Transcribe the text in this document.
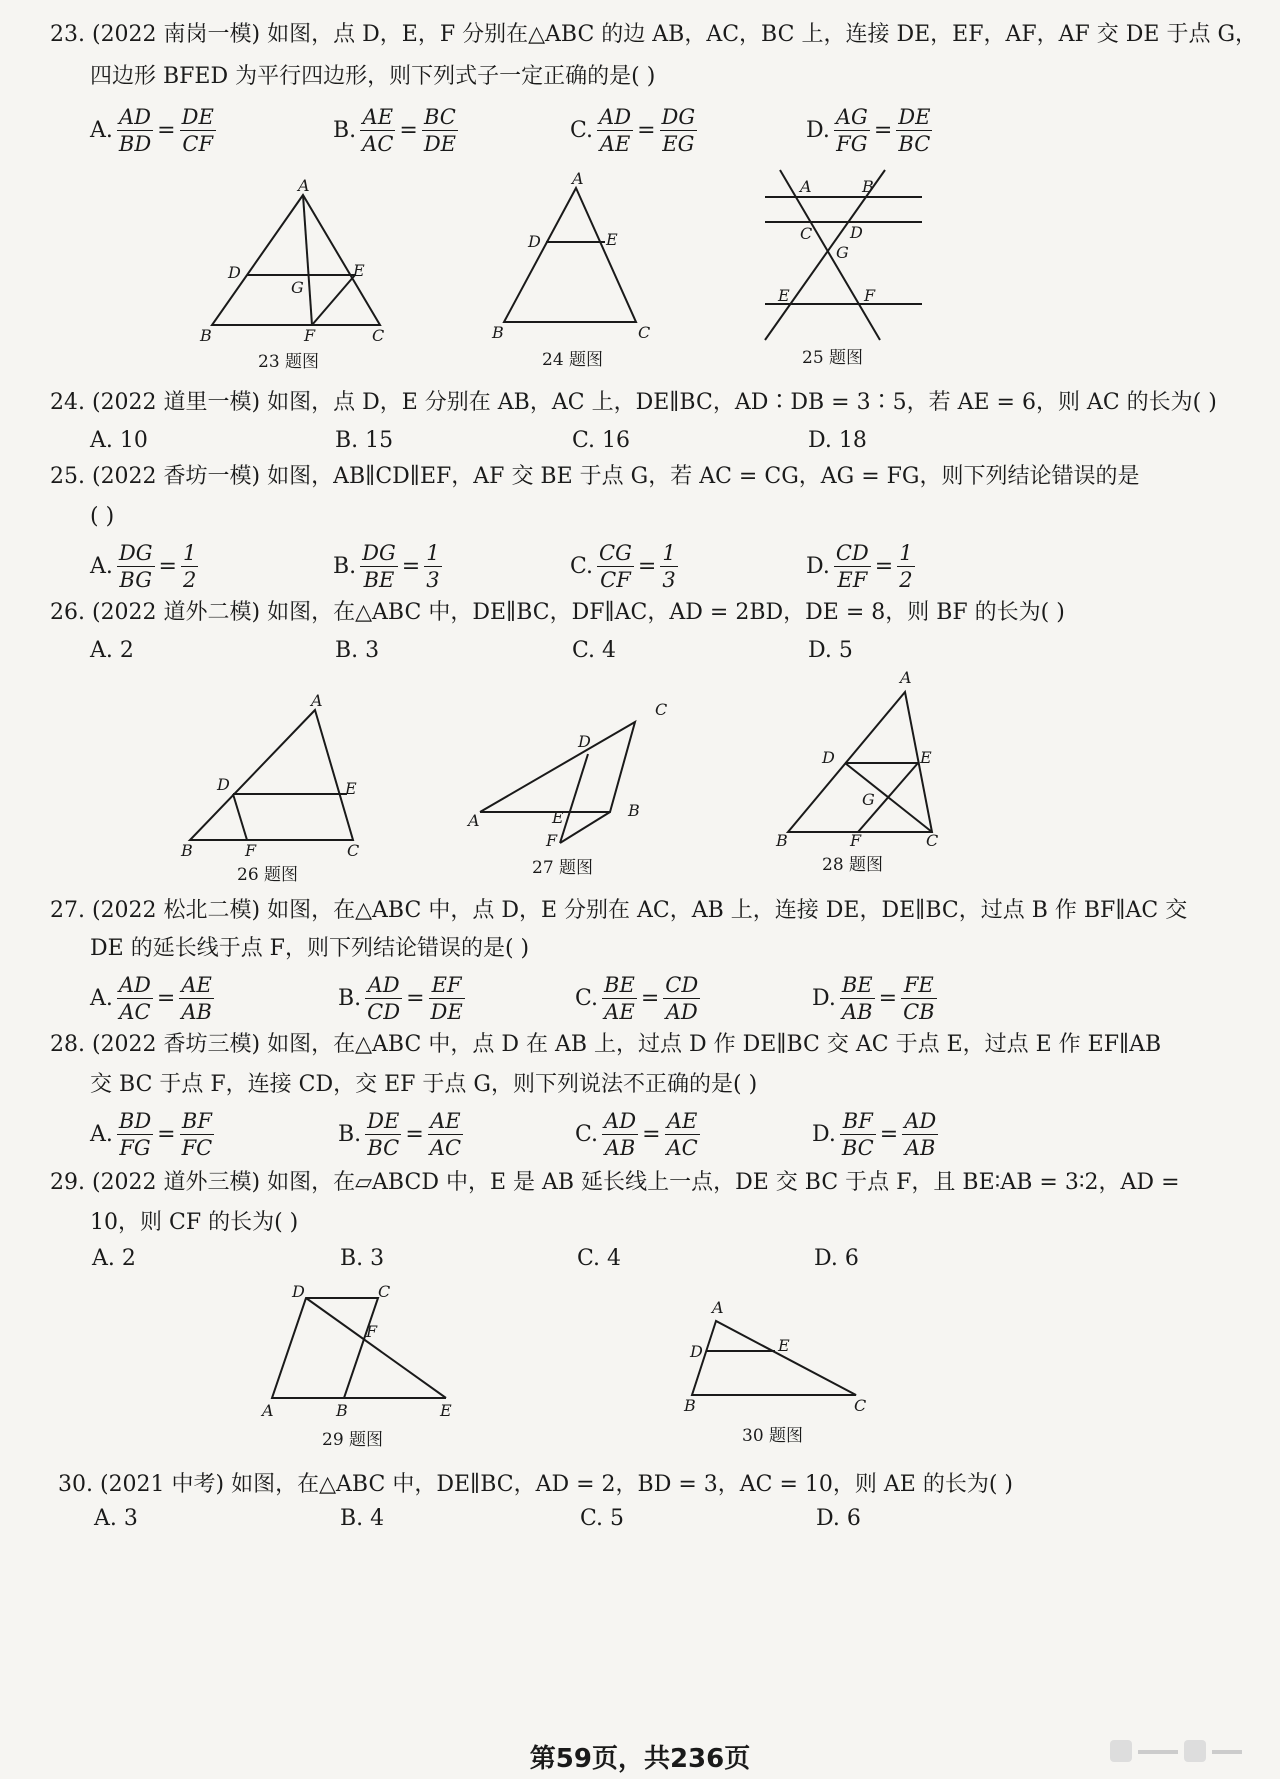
23. (2022 南岗一模) 如图，点 D，E，F 分别在△ABC 的边 AB，AC，BC 上，连接 DE，EF，AF，AF 交 DE 于点 G，
四边形 BFED 为平行四边形，则下列式子一定正确的是( )
A. $\frac{AD}{BD} = \frac{DE}{CF}$	B. $\frac{AE}{AC} = \frac{BC}{DE}$	C. $\frac{AD}{AE} = \frac{DG}{EG}$	D. $\frac{AG}{FG} = \frac{DE}{BC}$
A
D	E
G
B	F	C
23 题图
A
D	E
B	C
24 题图
A	B
C D
G
E	F
25 题图
24. (2022 道里一模) 如图，点 D，E 分别在 AB，AC 上，DE∥BC，AD∶DB = 3∶5，若 AE = 6，则 AC 的长为( )
A. 10	B. 15	C. 16	D. 18
25. (2022 香坊一模) 如图，AB∥CD∥EF，AF 交 BE 于点 G，若 AC = CG，AG = FG，则下列结论错误的是
( )
A. $\frac{DG}{BG} = \frac{1}{2}$	B. $\frac{DG}{BE} = \frac{1}{3}$	C. $\frac{CG}{CF} = \frac{1}{3}$	D. $\frac{CD}{EF} = \frac{1}{2}$
26. (2022 道外二模) 如图，在△ABC 中，DE∥BC，DF∥AC，AD = 2BD，DE = 8，则 BF 的长为( )
A. 2	B. 3	C. 4	D. 5
A
D	E
B	F	C
26 题图
C
D
A	E	B
F
27 题图
A
D	E
G
B	F	C
28 题图
27. (2022 松北二模) 如图，在△ABC 中，点 D，E 分别在 AC，AB 上，连接 DE，DE∥BC，过点 B 作 BF∥AC 交
DE 的延长线于点 F，则下列结论错误的是( )
A. $\frac{AD}{AC} = \frac{AE}{AB}$	B. $\frac{AD}{CD} = \frac{EF}{DE}$	C. $\frac{BE}{AE} = \frac{CD}{AD}$	D. $\frac{BE}{AB} = \frac{FE}{CB}$
28. (2022 香坊三模) 如图，在△ABC 中，点 D 在 AB 上，过点 D 作 DE∥BC 交 AC 于点 E，过点 E 作 EF∥AB
交 BC 于点 F，连接 CD，交 EF 于点 G，则下列说法不正确的是( )
A. $\frac{BD}{FG} = \frac{BF}{FC}$	B. $\frac{DE}{BC} = \frac{AE}{AC}$	C. $\frac{AD}{AB} = \frac{AE}{AC}$	D. $\frac{BF}{BC} = \frac{AD}{AB}$
29. (2022 道外三模) 如图，在▱ABCD 中，E 是 AB 延长线上一点，DE 交 BC 于点 F，且 BE∶AB = 3∶2，AD =
10，则 CF 的长为( )
A. 2	B. 3	C. 4	D. 6
D	C
F
A	B	E
29 题图
A
D	E
B	C
30 题图
30. (2021 中考) 如图，在△ABC 中，DE∥BC，AD = 2，BD = 3，AC = 10，则 AE 的长为( )
A. 3	B. 4	C. 5	D. 6
第59页，共236页
